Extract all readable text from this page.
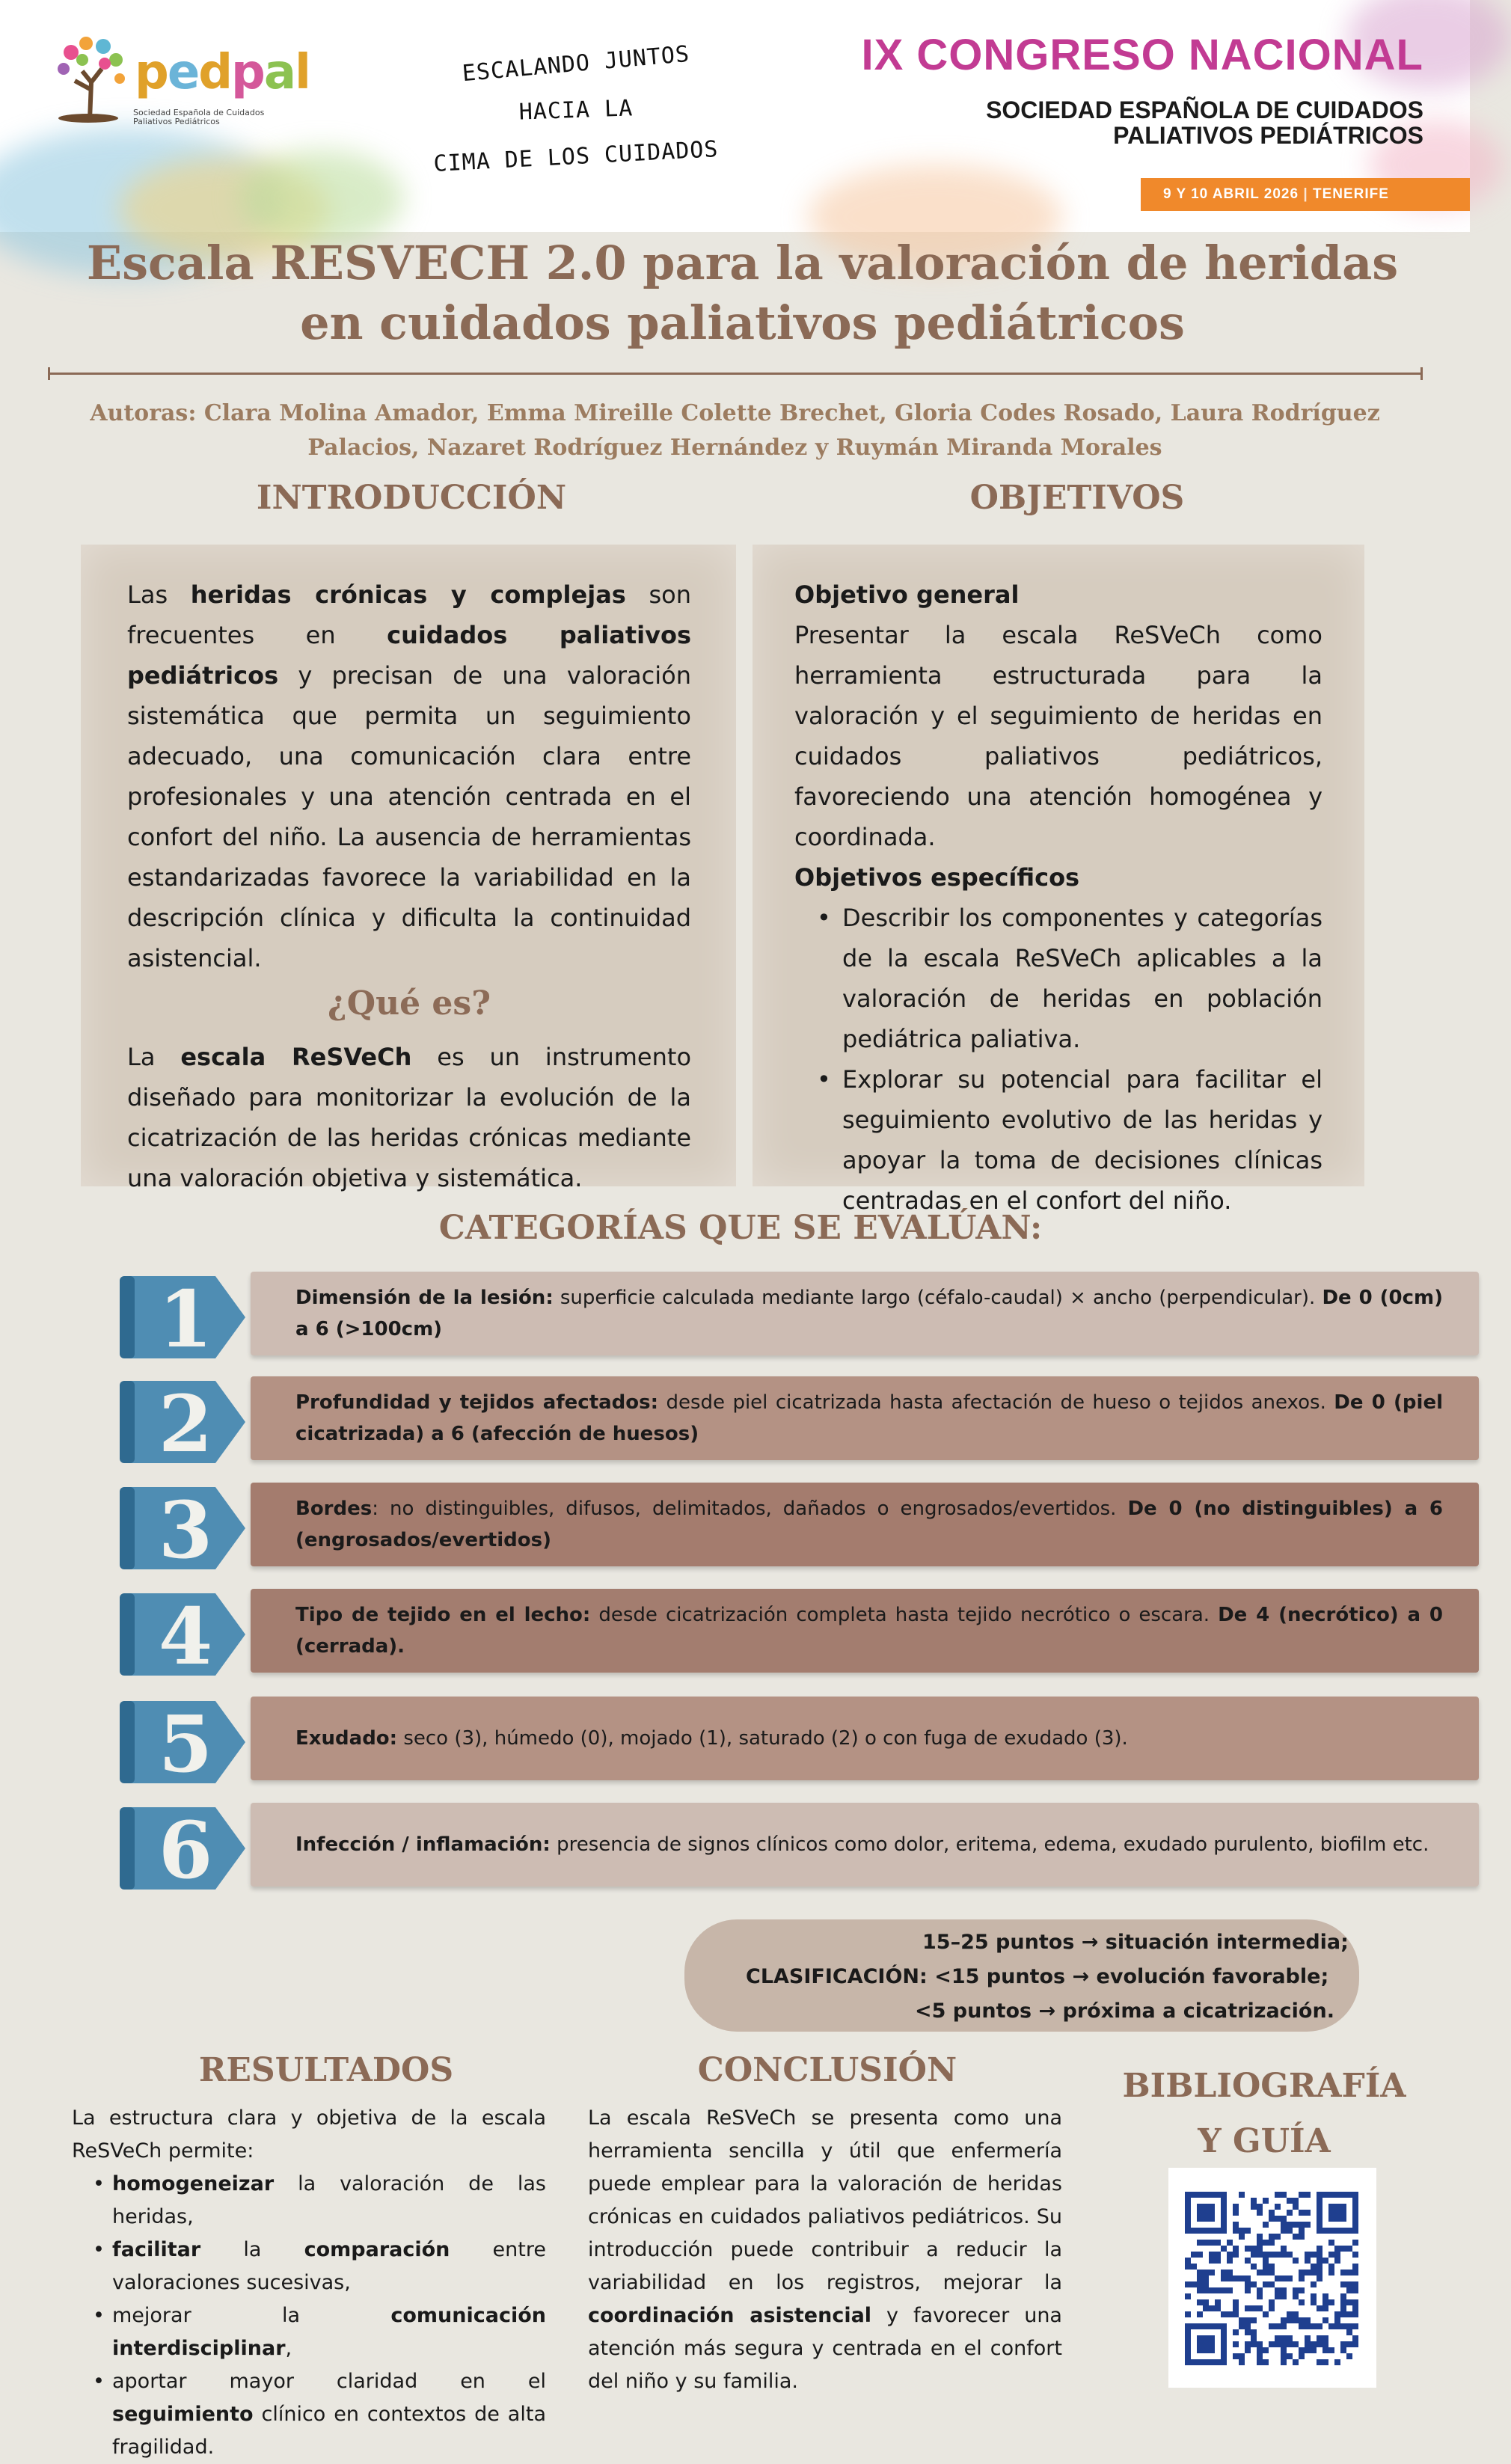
pedpal
Sociedad Española de Cuidados Paliativos Pediátricos
ESCALANDO JUNTOS
HACIA LA
CIMA DE LOS CUIDADOS
IX CONGRESO NACIONAL
SOCIEDAD ESPAÑOLA DE CUIDADOS
PALIATIVOS PEDIÁTRICOS
9 Y 10 ABRIL 2026 | TENERIFE
Escala RESVECH 2.0 para la valoración de heridas
en cuidados paliativos pediátricos
Autoras: Clara Molina Amador, Emma Mireille Colette Brechet, Gloria Codes Rosado, Laura Rodríguez Palacios, Nazaret Rodríguez Hernández y Ruymán Miranda Morales
INTRODUCCIÓN	OBJETIVOS

Las heridas crónicas y complejas son frecuentes en cuidados paliativos pediátricos y precisan de una valoración sistemática que permita un seguimiento adecuado, una comunicación clara entre profesionales y una atención centrada en el confort del niño. La ausencia de herramientas estandarizadas favorece la variabilidad en la descripción clínica y dificulta la continuidad asistencial.

¿Qué es?

La escala ReSVeCh es un instrumento diseñado para monitorizar la evolución de la cicatrización de las heridas crónicas mediante una valoración objetiva y sistemática.

Objetivo general

Presentar la escala ReSVeCh como herramienta estructurada para la valoración y el seguimiento de heridas en cuidados paliativos pediátricos, favoreciendo una atención homogénea y coordinada.

Objetivos específicos

• Describir los componentes y categorías de la escala ReSVeCh aplicables a la valoración de heridas en población pediátrica paliativa.
• Explorar su potencial para facilitar el seguimiento evolutivo de las heridas y apoyar la toma de decisiones clínicas centradas en el confort del niño.
CATEGORÍAS QUE SE EVALÚAN:
1	Dimensión de la lesión: superficie calculada mediante largo (céfalo-caudal) × ancho (perpendicular). De 0 (0cm) a 6 (>100cm)

2	Profundidad y tejidos afectados: desde piel cicatrizada hasta afectación de hueso o tejidos anexos. De 0 (piel cicatrizada) a 6 (afección de huesos)

3	Bordes: no distinguibles, difusos, delimitados, dañados o engrosados/evertidos. De 0 (no distinguibles) a 6 (engrosados/evertidos)

4	Tipo de tejido en el lecho: desde cicatrización completa hasta tejido necrótico o escara. De 4 (necrótico) a 0 (cerrada).

5	Exudado: seco (3), húmedo (0), mojado (1), saturado (2) o con fuga de exudado (3).

6	Infección / inflamación: presencia de signos clínicos como dolor, eritema, edema, exudado purulento, biofilm etc.

15–25 puntos → situación intermedia;
CLASIFICACIÓN: <15 puntos → evolución favorable;
<5 puntos → próxima a cicatrización.
RESULTADOS

La estructura clara y objetiva de la escala ReSVeCh permite:

• homogeneizar la valoración de las heridas,
• facilitar la comparación entre valoraciones sucesivas,
• mejorar la comunicación interdisciplinar,
• aportar mayor claridad en el seguimiento clínico en contextos de alta fragilidad.
CONCLUSIÓN

La escala ReSVeCh se presenta como una herramienta sencilla y útil que enfermería puede emplear para la valoración de heridas crónicas en cuidados paliativos pediátricos. Su introducción puede contribuir a reducir la variabilidad en los registros, mejorar la coordinación asistencial y favorecer una atención más segura y centrada en el confort del niño y su familia.

BIBLIOGRAFÍA
Y GUÍA
